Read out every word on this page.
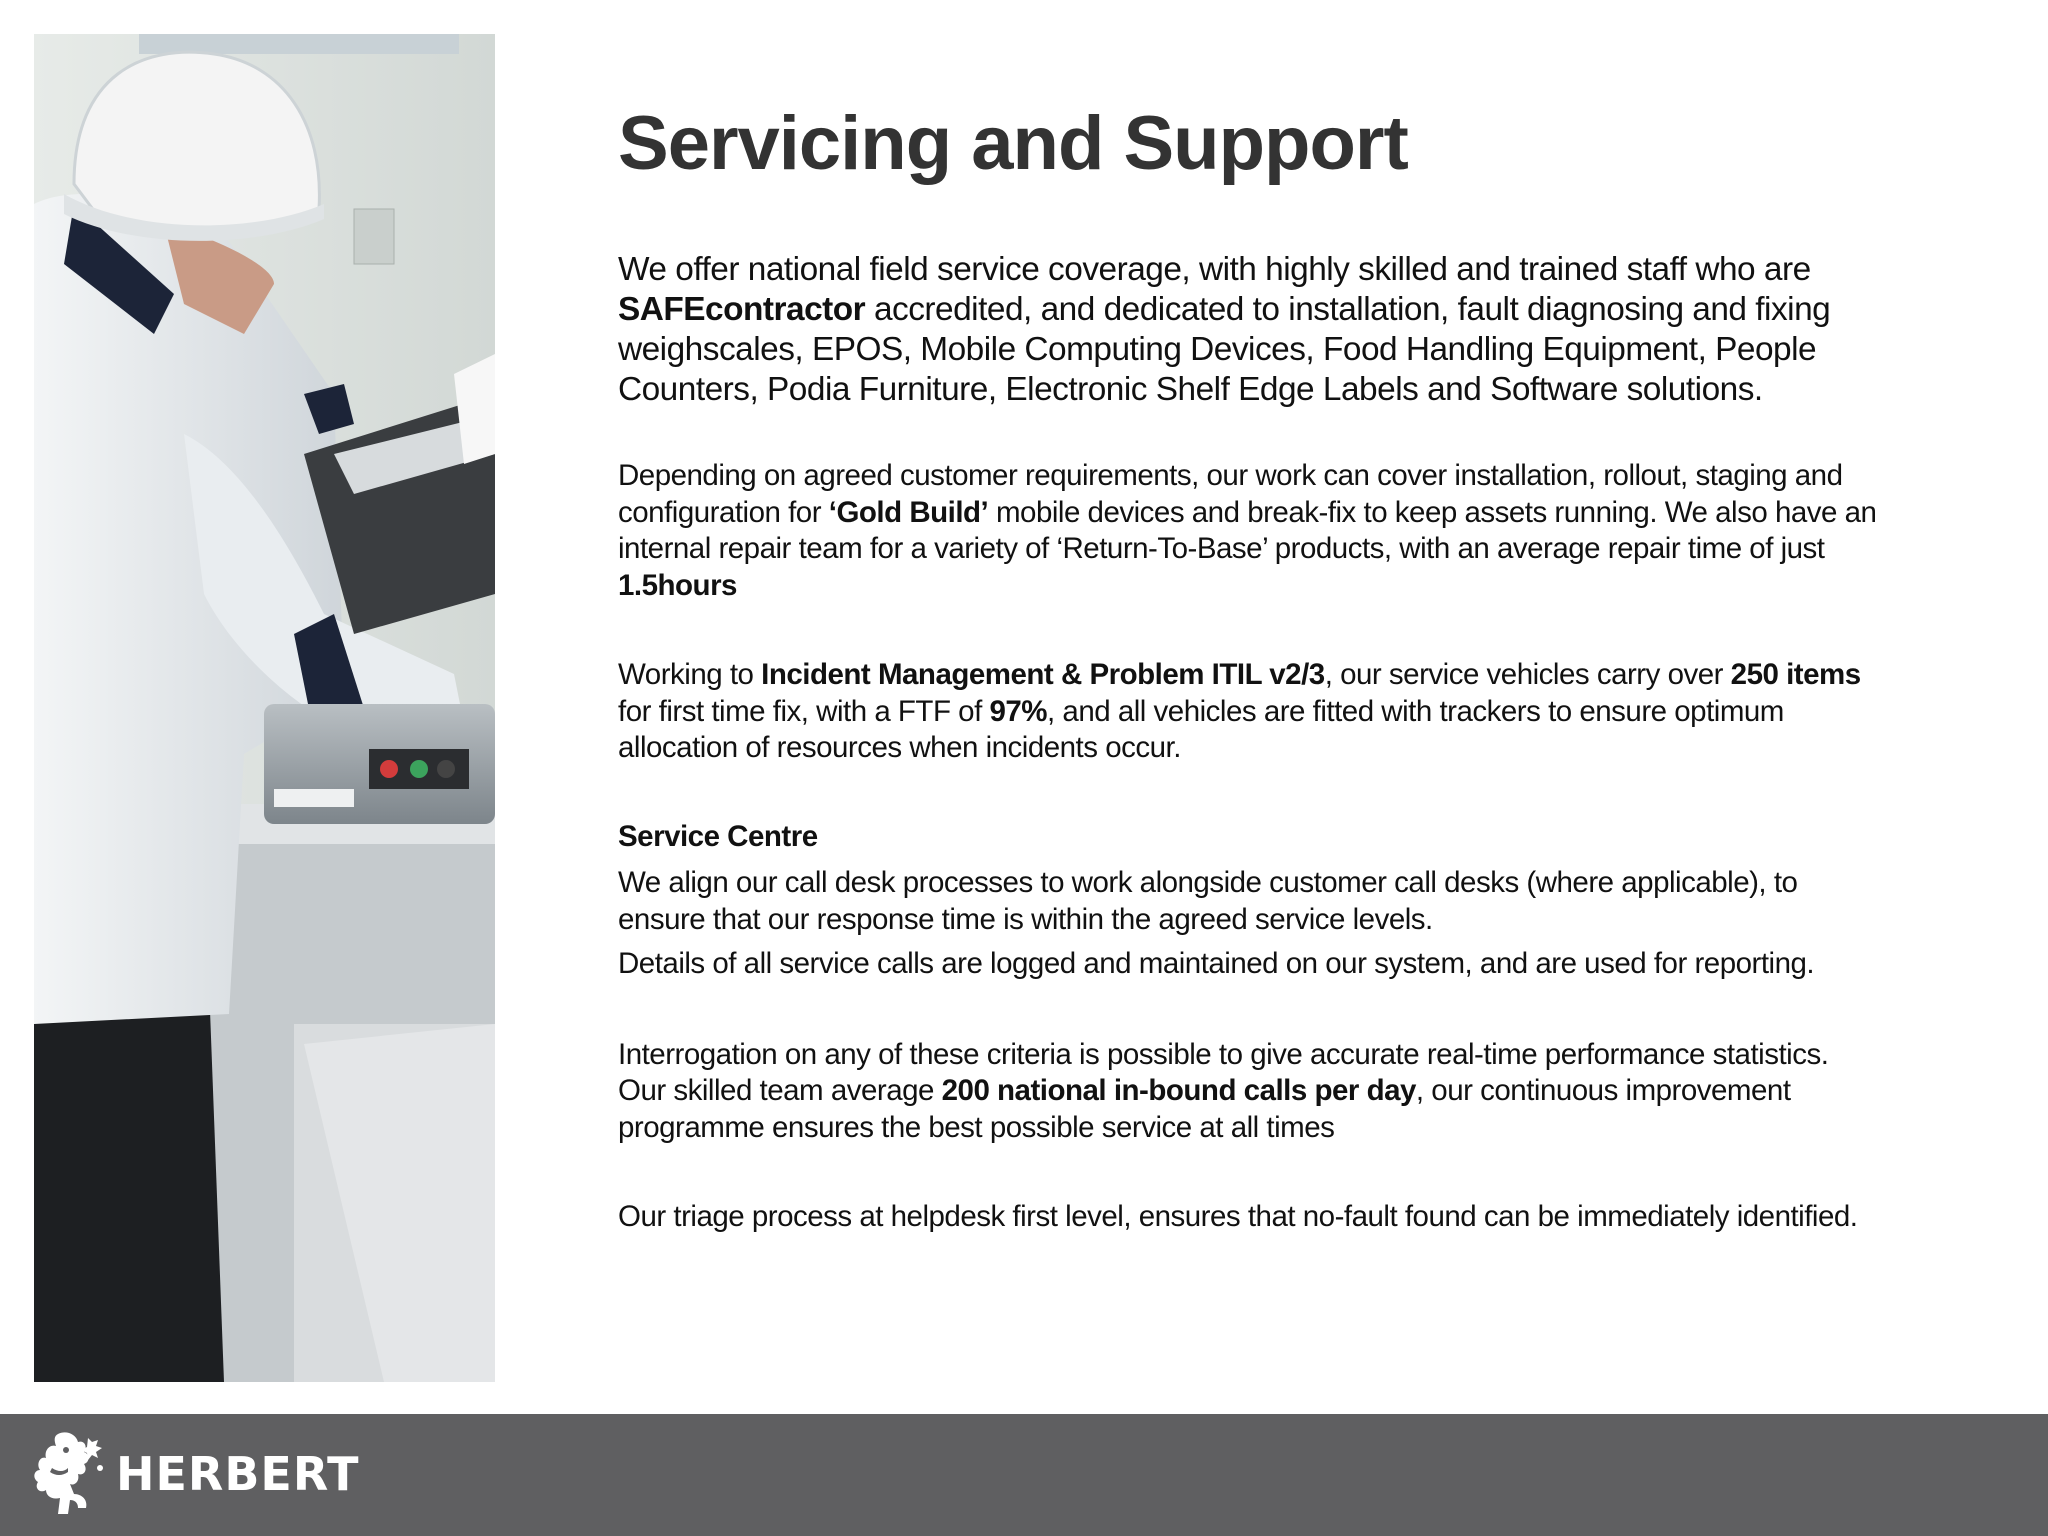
Servicing and Support

We offer national field service coverage, with highly skilled and trained staff who are SAFEcontractor accredited, and dedicated to installation, fault diagnosing and fixing weighscales, EPOS, Mobile Computing Devices, Food Handling Equipment, People Counters, Podia Furniture, Electronic Shelf Edge Labels and Software solutions.

Depending on agreed customer requirements, our work can cover installation, rollout, staging and configuration for ‘Gold Build’ mobile devices and break-fix to keep assets running. We also have an internal repair team for a variety of ‘Return-To-Base’ products, with an average repair time of just 1.5hours

Working to Incident Management & Problem ITIL v2/3, our service vehicles carry over 250 items for first time fix, with a FTF of 97%, and all vehicles are fitted with trackers to ensure optimum allocation of resources when incidents occur.

Service Centre

We align our call desk processes to work alongside customer call desks (where applicable), to ensure that our response time is within the agreed service levels.

Details of all service calls are logged and maintained on our system, and are used for reporting.

Interrogation on any of these criteria is possible to give accurate real-time performance statistics. Our skilled team average 200 national in-bound calls per day, our continuous improvement programme ensures the best possible service at all times

Our triage process at helpdesk first level, ensures that no-fault found can be immediately identified.

HERBERT
